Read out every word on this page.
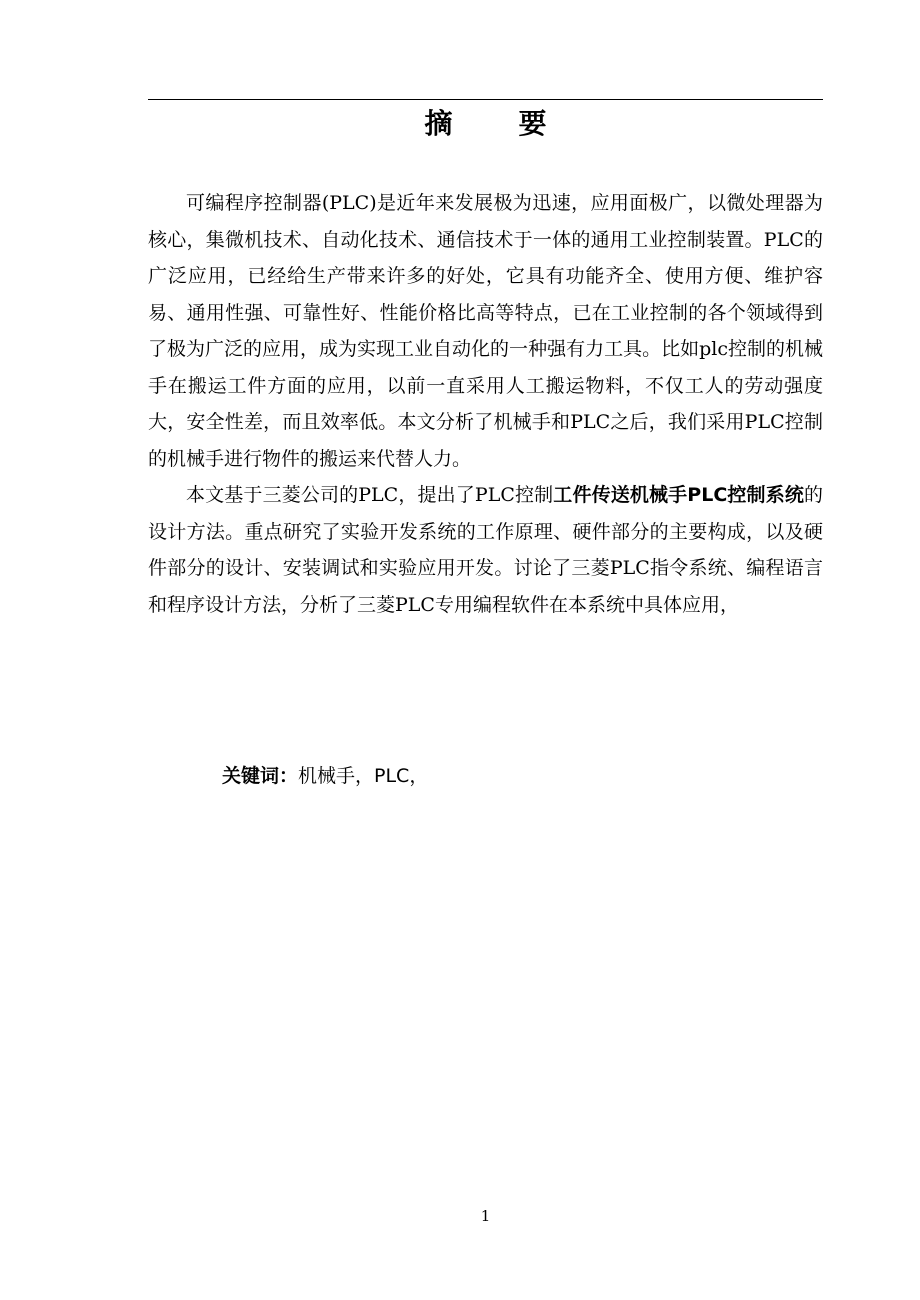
摘 要

可编程序控制器(PLC)是近年来发展极为迅速，应用面极广，以微处理器为核心，集微机技术、自动化技术、通信技术于一体的通用工业控制装置。PLC的广泛应用，已经给生产带来许多的好处，它具有功能齐全、使用方便、维护容易、通用性强、可靠性好、性能价格比高等特点，已在工业控制的各个领域得到了极为广泛的应用，成为实现工业自动化的一种强有力工具。比如plc控制的机械手在搬运工件方面的应用，以前一直采用人工搬运物料，不仅工人的劳动强度大，安全性差，而且效率低。本文分析了机械手和PLC之后，我们采用PLC控制的机械手进行物件的搬运来代替人力。

本文基于三菱公司的PLC，提出了PLC控制工件传送机械手PLC控制系统的设计方法。重点研究了实验开发系统的工作原理、硬件部分的主要构成，以及硬件部分的设计、安装调试和实验应用开发。讨论了三菱PLC指令系统、编程语言和程序设计方法，分析了三菱PLC专用编程软件在本系统中具体应用，

关键词：机械手，PLC，
1
